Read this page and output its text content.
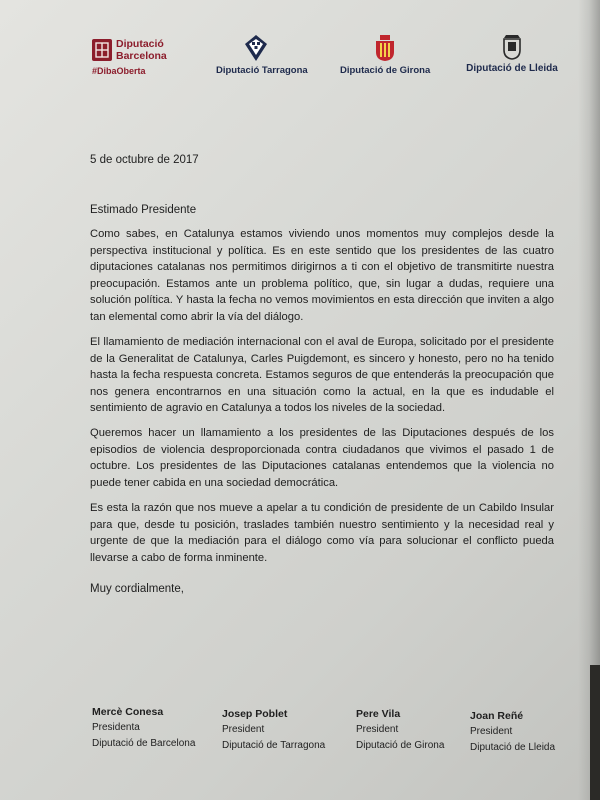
Diputació
Barcelona
#DibaOberta	Diputació Tarragona	Diputació de Girona	Diputació de Lleida
5 de octubre de 2017
Estimado Presidente

Como sabes, en Catalunya estamos viviendo unos momentos muy complejos desde la perspectiva institucional y política. Es en este sentido que los presidentes de las cuatro diputaciones catalanas nos permitimos dirigirnos a ti con el objetivo de transmitirte nuestra preocupación. Estamos ante un problema político, que, sin lugar a dudas, requiere una solución política. Y hasta la fecha no vemos movimientos en esta dirección que inviten a algo tan elemental como abrir la vía del diálogo.

El llamamiento de mediación internacional con el aval de Europa, solicitado por el presidente de la Generalitat de Catalunya, Carles Puigdemont, es sincero y honesto, pero no ha tenido hasta la fecha respuesta concreta. Estamos seguros de que entenderás la preocupación que nos genera encontrarnos en una situación como la actual, en la que es indudable el sentimiento de agravio en Catalunya a todos los niveles de la sociedad.

Queremos hacer un llamamiento a los presidentes de las Diputaciones después de los episodios de violencia desproporcionada contra ciudadanos que vivimos el pasado 1 de octubre. Los presidentes de las Diputaciones catalanas entendemos que la violencia no puede tener cabida en una sociedad democrática.

Es esta la razón que nos mueve a apelar a tu condición de presidente de un Cabildo Insular para que, desde tu posición, traslades también nuestro sentimiento y la necesidad real y urgente de que la mediación para el diálogo como vía para solucionar el conflicto pueda llevarse a cabo de forma inminente.

Muy cordialmente,
Mercè Conesa
Presidenta
Diputació de Barcelona
Josep Poblet
President
Diputació de Tarragona
Pere Vila
President
Diputació de Girona
Joan Reñé
President
Diputació de Lleida
